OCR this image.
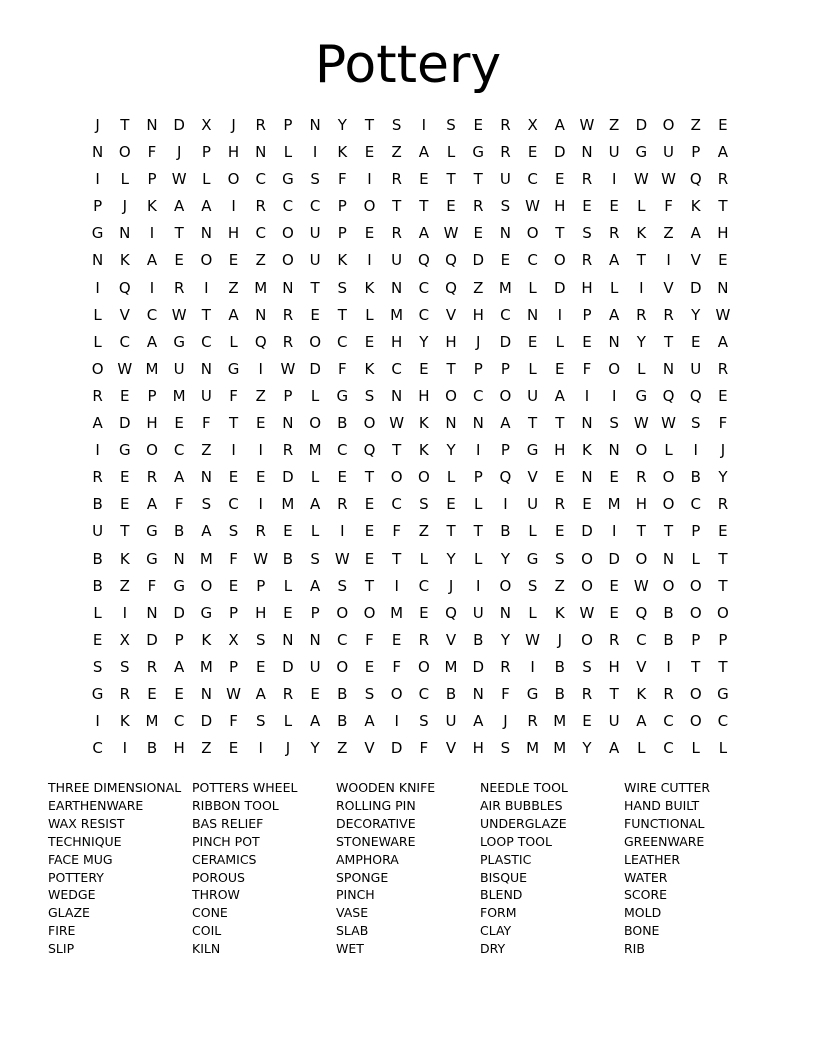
Pottery
J T N D X J R P N Y T S I S E R X A W Z D O Z E
N O F J P H N L I K E Z A L G R E D N U G U P A
I L P W L O C G S F I R E T T U C E R I W W Q R
P J K A A I R C C P O T T E R S W H E E L F K T
G N I T N H C O U P E R A W E N O T S R K Z A H
N K A E O E Z O U K I U Q Q D E C O R A T I V E
I Q I R I Z M N T S K N C Q Z M L D H L I V D N
L V C W T A N R E T L M C V H C N I P A R R Y W
L C A G C L Q R O C E H Y H J D E L E N Y T E A
O W M U N G I W D F K C E T P P L E F O L N U R
R E P M U F Z P L G S N H O C O U A I I G Q Q E
A D H E F T E N O B O W K N N A T T N S W W S F
I G O C Z I I R M C Q T K Y I P G H K N O L I J
R E R A N E E D L E T O O L P Q V E N E R O B Y
B E A F S C I M A R E C S E L I U R E M H O C R
U T G B A S R E L I E F Z T T B L E D I T T P E
B K G N M F W B S W E T L Y L Y G S O D O N L T
B Z F G O E P L A S T I C J I O S Z O E W O O T
L I N D G P H E P O O M E Q U N L K W E Q B O O
E X D P K X S N N C F E R V B Y W J O R C B P P
S S R A M P E D U O E F O M D R I B S H V I T T
G R E E N W A R E B S O C B N F G B R T K R O G
I K M C D F S L A B A I S U A J R M E U A C O C
C I B H Z E I J Y Z V D F V H S M M Y A L C L L
THREE DIMENSIONAL
EARTHENWARE
WAX RESIST
TECHNIQUE
FACE MUG
POTTERY
WEDGE
GLAZE
FIRE
SLIP
POTTERS WHEEL
RIBBON TOOL
BAS RELIEF
PINCH POT
CERAMICS
POROUS
THROW
CONE
COIL
KILN
WOODEN KNIFE
ROLLING PIN
DECORATIVE
STONEWARE
AMPHORA
SPONGE
PINCH
VASE
SLAB
WET
NEEDLE TOOL
AIR BUBBLES
UNDERGLAZE
LOOP TOOL
PLASTIC
BISQUE
BLEND
FORM
CLAY
DRY
WIRE CUTTER
HAND BUILT
FUNCTIONAL
GREENWARE
LEATHER
WATER
SCORE
MOLD
BONE
RIB
